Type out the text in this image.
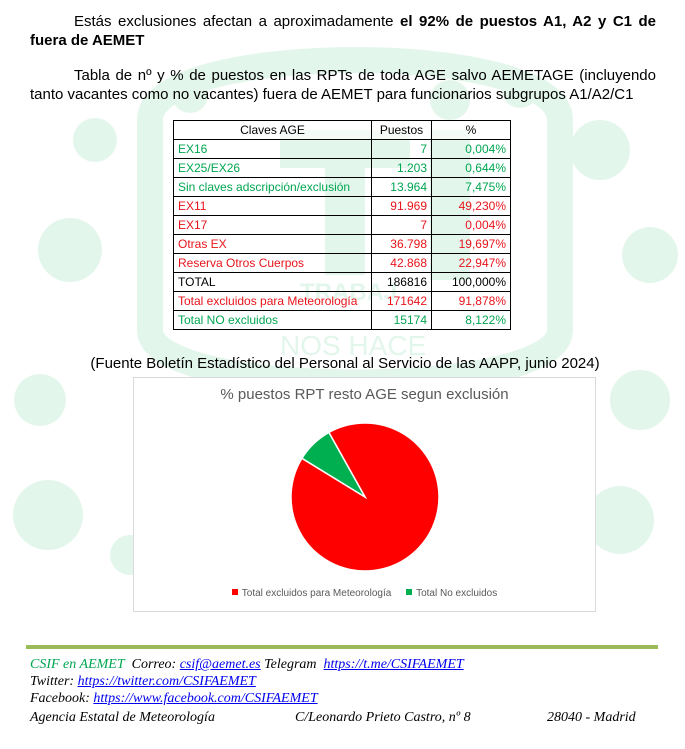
TRABAJ
NOS HACE
Estás exclusiones afectan a aproximadamente el 92% de puestos A1, A2 y C1 de fuera de AEMET
Tabla de nº y % de puestos en las RPTs de toda AGE salvo AEMETAGE (incluyendo tanto vacantes como no vacantes) fuera de AEMET para funcionarios subgrupos A1/A2/C1
Claves AGE	Puestos	%
EX16	7	0,004%
EX25/EX26	1.203	0,644%
Sin claves adscripción/exclusión	13.964	7,475%
EX11	91.969	49,230%
EX17	7	0,004%
Otras EX	36.798	19,697%
Reserva Otros Cuerpos	42.868	22,947%
TOTAL	186816	100,000%
Total excluidos para Meteorología	171642	91,878%
Total NO excluidos	15174	8,122%
(Fuente Boletín Estadístico del Personal al Servicio de las AAPP, junio 2024)
% puestos RPT resto AGE segun exclusión
Total excluidos para Meteorología Total No excluidos
CSIF en AEMET Correo: csif@aemet.es Telegram https://t.me/CSIFAEMET
Twitter: https://twitter.com/CSIFAEMET
Facebook: https://www.facebook.com/CSIFAEMET
Agencia Estatal de Meteorología	C/Leonardo Prieto Castro, nº 8	28040 - Madrid
